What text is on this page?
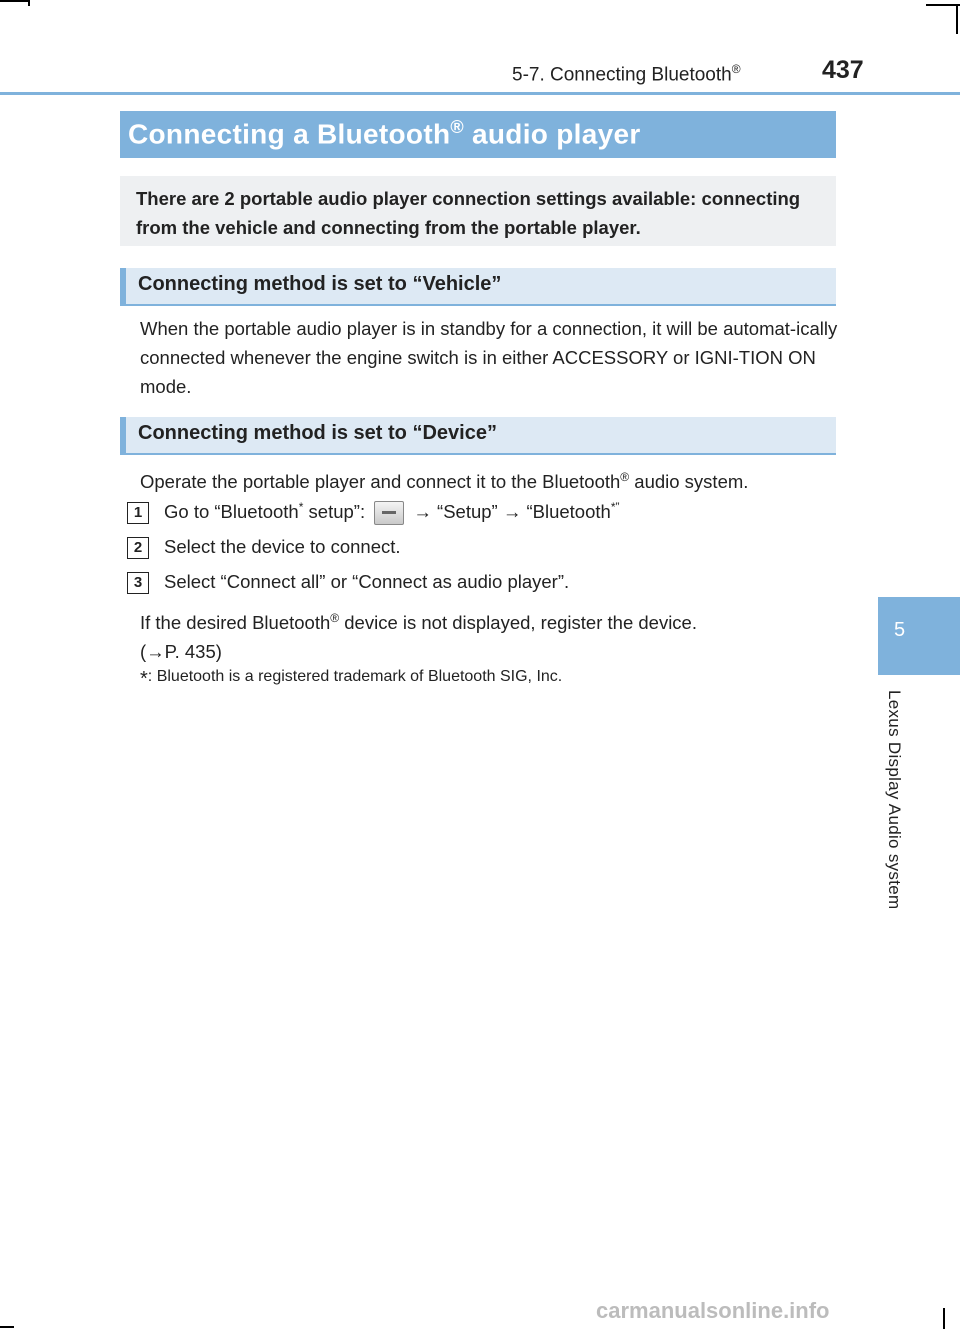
5-7. Connecting Bluetooth®	437
Connecting a Bluetooth® audio player

There are 2 portable audio player connection settings available: connecting from the vehicle and connecting from the portable player.

Connecting method is set to “Vehicle”

When the portable audio player is in standby for a connection, it will be automat-ically connected whenever the engine switch is in either ACCESSORY or IGNI-TION ON mode.

Connecting method is set to “Device”

Operate the portable player and connect it to the Bluetooth® audio system.

1	Go to “Bluetooth* setup”:	→ “Setup” → “Bluetooth*”
2	Select the device to connect.
3	Select “Connect all” or “Connect as audio player”.

If the desired Bluetooth® device is not displayed, register the device.
(→P. 435)

*: Bluetooth is a registered trademark of Bluetooth SIG, Inc.
5
Lexus Display Audio system
carmanualsonline.info
